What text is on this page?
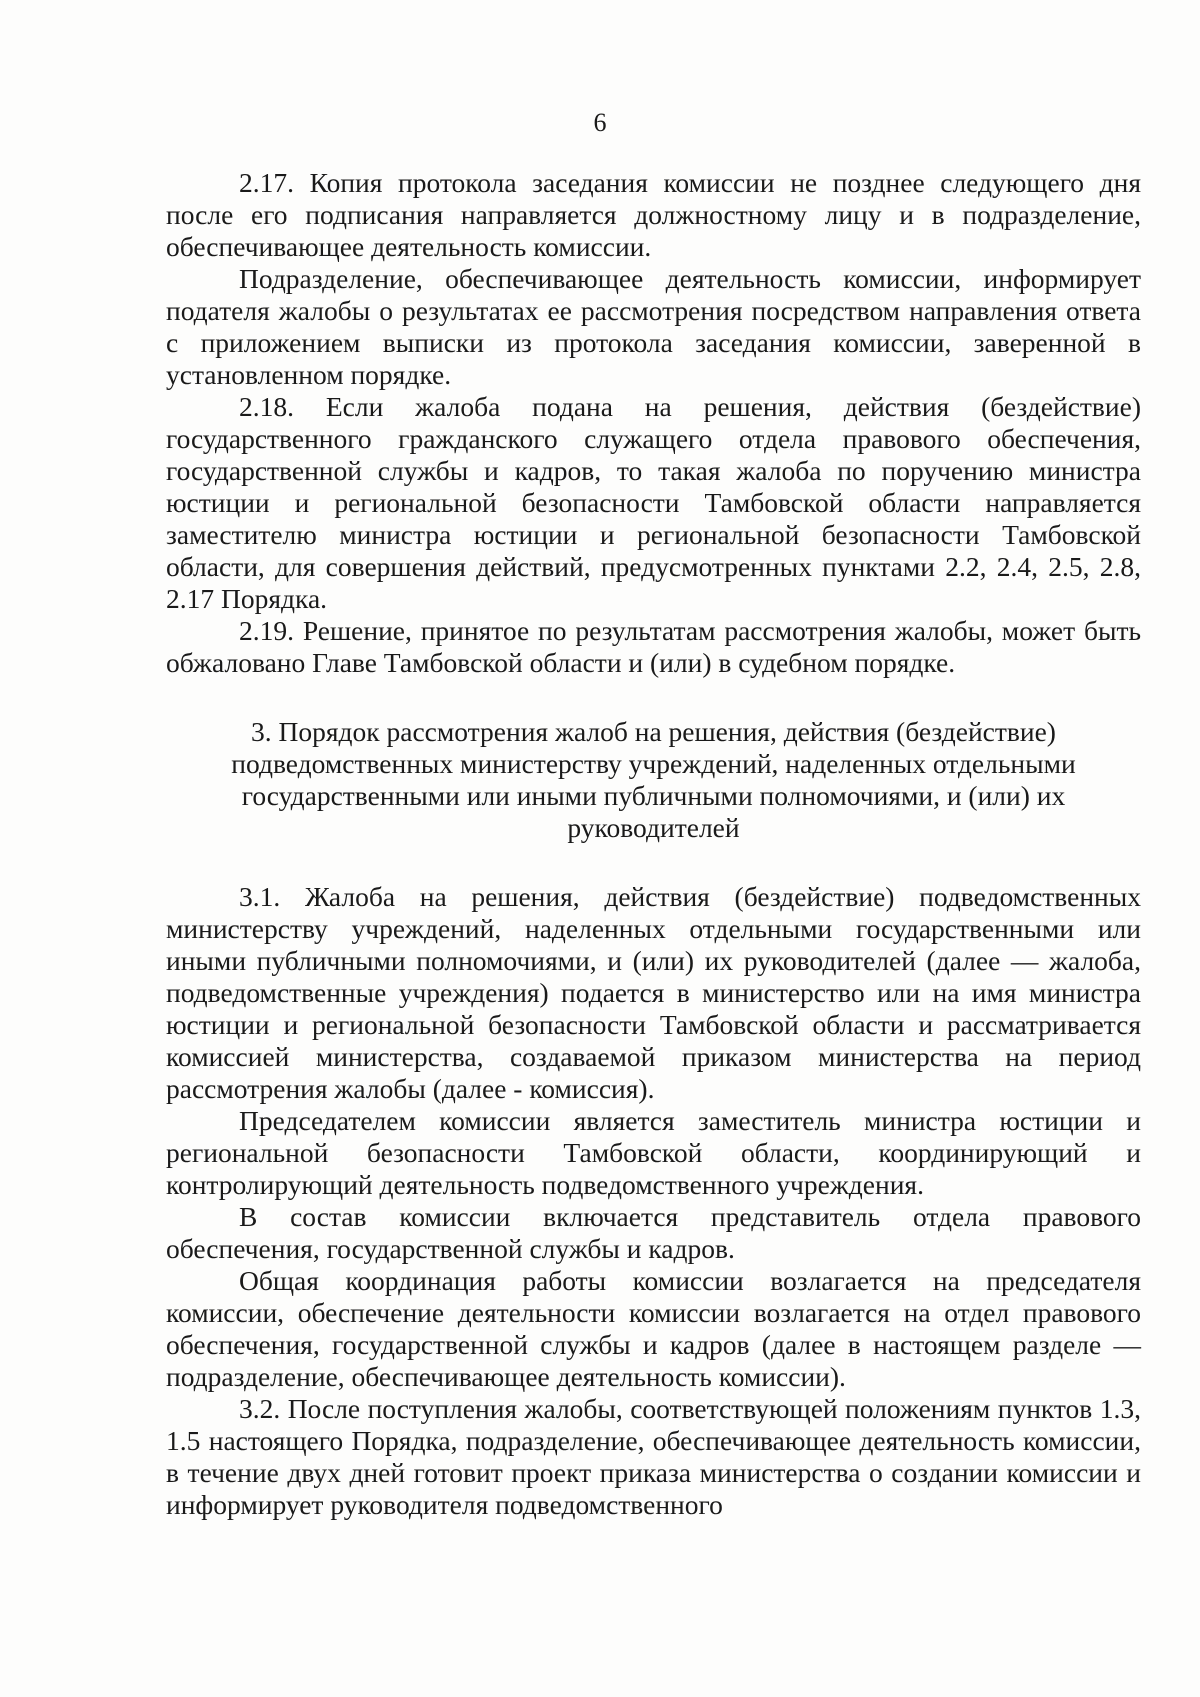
6

2.17. Копия протокола заседания комиссии не позднее следующего дня после его подписания направляется должностному лицу и в подразделение, обеспечивающее деятельность комиссии.

Подразделение, обеспечивающее деятельность комиссии, информирует подателя жалобы о результатах ее рассмотрения посредством направления ответа с приложением выписки из протокола заседания комиссии, заверенной в установленном порядке.

2.18. Если жалоба подана на решения, действия (бездействие) государственного гражданского служащего отдела правового обеспечения, государственной службы и кадров, то такая жалоба по поручению министра юстиции и региональной безопасности Тамбовской области направляется заместителю министра юстиции и региональной безопасности Тамбовской области, для совершения действий, предусмотренных пунктами 2.2, 2.4, 2.5, 2.8, 2.17 Порядка.

2.19. Решение, принятое по результатам рассмотрения жалобы, может быть обжаловано Главе Тамбовской области и (или) в судебном порядке.

3. Порядок рассмотрения жалоб на решения, действия (бездействие) подведомственных министерству учреждений, наделенных отдельными государственными или иными публичными полномочиями, и (или) их руководителей

3.1. Жалоба на решения, действия (бездействие) подведомственных министерству учреждений, наделенных отдельными государственными или иными публичными полномочиями, и (или) их руководителей (далее — жалоба, подведомственные учреждения) подается в министерство или на имя министра юстиции и региональной безопасности Тамбовской области и рассматривается комиссией министерства, создаваемой приказом министерства на период рассмотрения жалобы (далее - комиссия).

Председателем комиссии является заместитель министра юстиции и региональной безопасности Тамбовской области, координирующий и контролирующий деятельность подведомственного учреждения.

В состав комиссии включается представитель отдела правового обеспечения, государственной службы и кадров.

Общая координация работы комиссии возлагается на председателя комиссии, обеспечение деятельности комиссии возлагается на отдел правового обеспечения, государственной службы и кадров (далее в настоящем разделе — подразделение, обеспечивающее деятельность комиссии).

3.2. После поступления жалобы, соответствующей положениям пунктов 1.3, 1.5 настоящего Порядка, подразделение, обеспечивающее деятельность комиссии, в течение двух дней готовит проект приказа министерства о создании комиссии и информирует руководителя подведомственного
